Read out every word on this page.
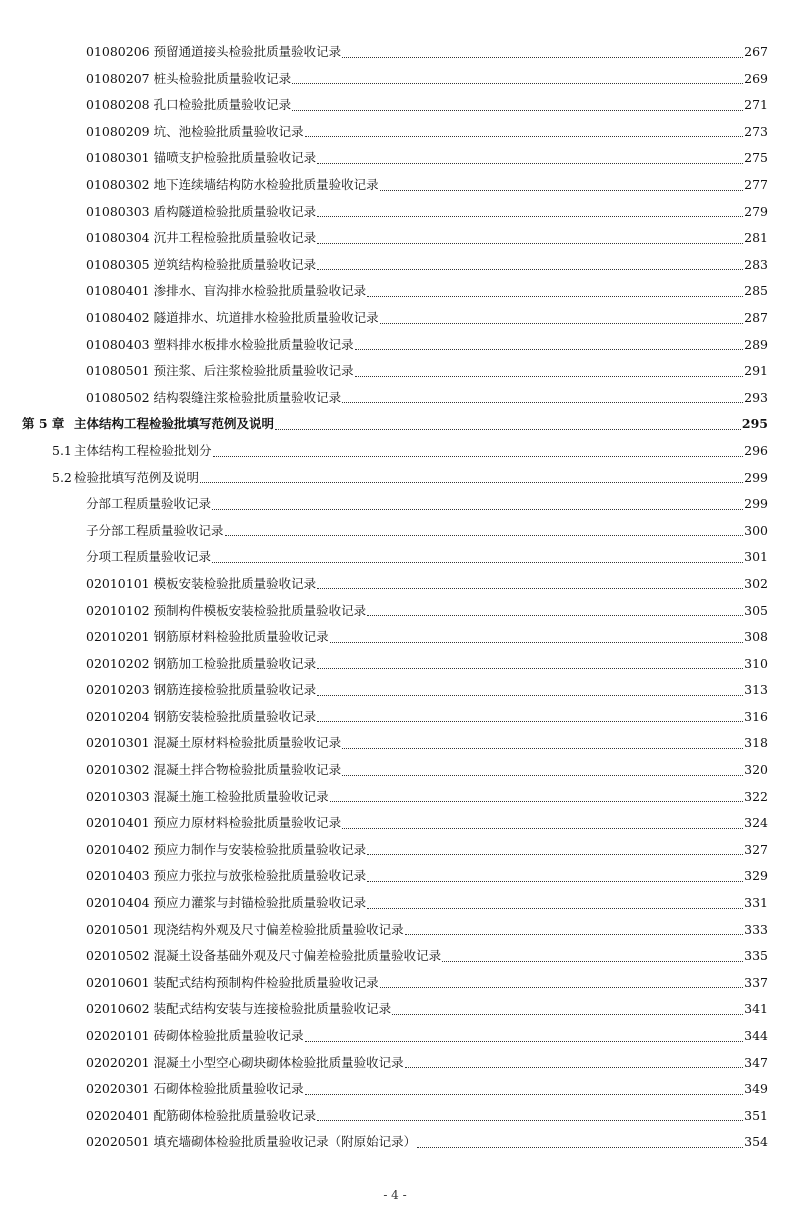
01080206 预留通道接头检验批质量验收记录	267
01080207 桩头检验批质量验收记录	269
01080208 孔口检验批质量验收记录	271
01080209 坑、池检验批质量验收记录	273
01080301 锚喷支护检验批质量验收记录	275
01080302 地下连续墙结构防水检验批质量验收记录	277
01080303 盾构隧道检验批质量验收记录	279
01080304 沉井工程检验批质量验收记录	281
01080305 逆筑结构检验批质量验收记录	283
01080401 渗排水、盲沟排水检验批质量验收记录	285
01080402 隧道排水、坑道排水检验批质量验收记录	287
01080403 塑料排水板排水检验批质量验收记录	289
01080501 预注浆、后注浆检验批质量验收记录	291
01080502 结构裂缝注浆检验批质量验收记录	293
第 5 章 主体结构工程检验批填写范例及说明	295
5.1 主体结构工程检验批划分	296
5.2 检验批填写范例及说明	299
分部工程质量验收记录	299
子分部工程质量验收记录	300
分项工程质量验收记录	301
02010101 模板安装检验批质量验收记录	302
02010102 预制构件模板安装检验批质量验收记录	305
02010201 钢筋原材料检验批质量验收记录	308
02010202 钢筋加工检验批质量验收记录	310
02010203 钢筋连接检验批质量验收记录	313
02010204 钢筋安装检验批质量验收记录	316
02010301 混凝土原材料检验批质量验收记录	318
02010302 混凝土拌合物检验批质量验收记录	320
02010303 混凝土施工检验批质量验收记录	322
02010401 预应力原材料检验批质量验收记录	324
02010402 预应力制作与安装检验批质量验收记录	327
02010403 预应力张拉与放张检验批质量验收记录	329
02010404 预应力灌浆与封锚检验批质量验收记录	331
02010501 现浇结构外观及尺寸偏差检验批质量验收记录	333
02010502 混凝土设备基础外观及尺寸偏差检验批质量验收记录	335
02010601 装配式结构预制构件检验批质量验收记录	337
02010602 装配式结构安装与连接检验批质量验收记录	341
02020101 砖砌体检验批质量验收记录	344
02020201 混凝土小型空心砌块砌体检验批质量验收记录	347
02020301 石砌体检验批质量验收记录	349
02020401 配筋砌体检验批质量验收记录	351
02020501 填充墙砌体检验批质量验收记录（附原始记录）	354
- 4 -
